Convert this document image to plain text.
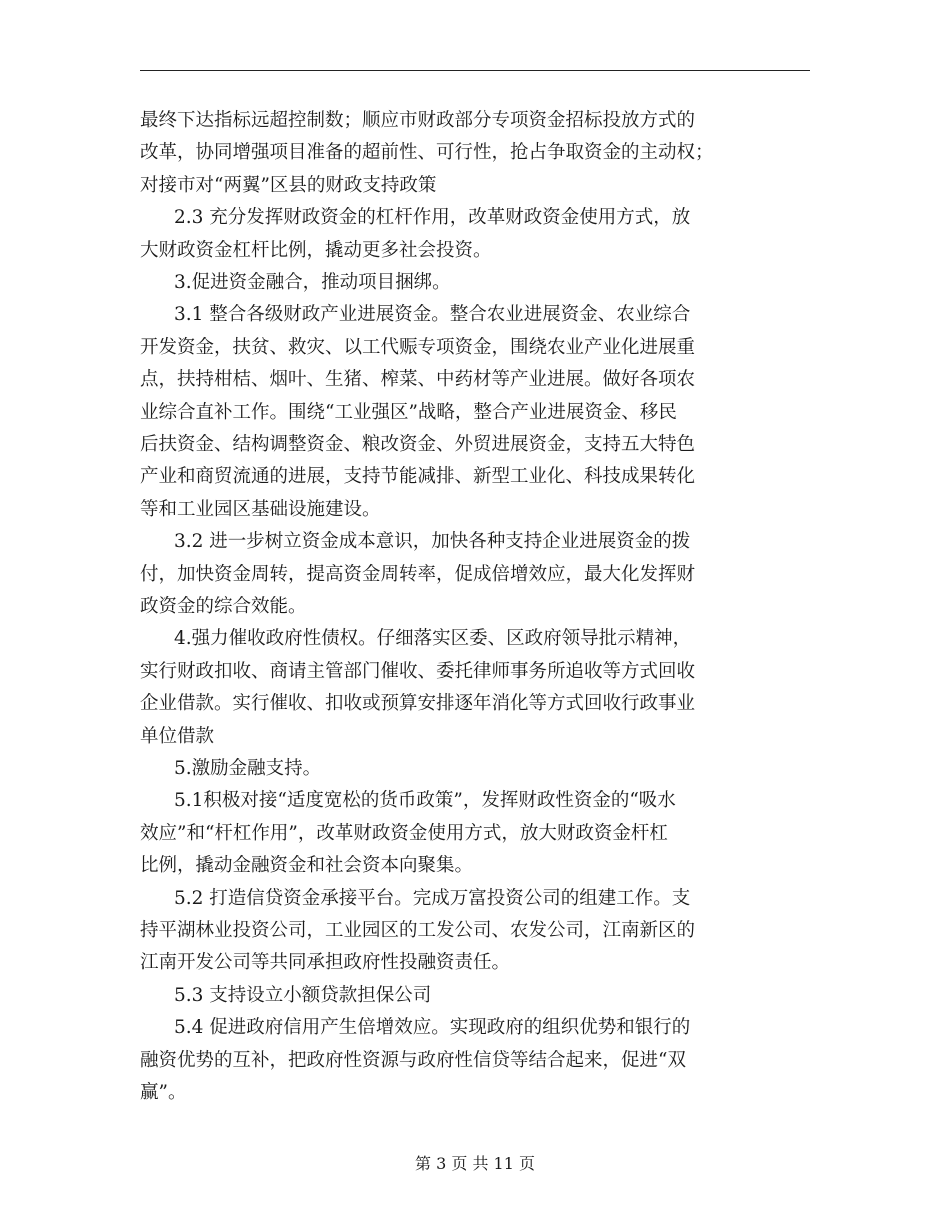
最终下达指标远超控制数；顺应市财政部分专项资金招标投放方式的
改革，协同增强项目准备的超前性、可行性，抢占争取资金的主动权；
对接市对“两翼”区县的财政支持政策
2.3 充分发挥财政资金的杠杆作用，改革财政资金使用方式，放
大财政资金杠杆比例，撬动更多社会投资。
3.促进资金融合，推动项目捆绑。
3.1 整合各级财政产业进展资金。整合农业进展资金、农业综合
开发资金，扶贫、救灾、以工代赈专项资金，围绕农业产业化进展重
点，扶持柑桔、烟叶、生猪、榨菜、中药材等产业进展。做好各项农
业综合直补工作。围绕“工业强区”战略，整合产业进展资金、移民
后扶资金、结构调整资金、粮改资金、外贸进展资金，支持五大特色
产业和商贸流通的进展，支持节能减排、新型工业化、科技成果转化
等和工业园区基础设施建设。
3.2 进一步树立资金成本意识，加快各种支持企业进展资金的拨
付，加快资金周转，提高资金周转率，促成倍增效应，最大化发挥财
政资金的综合效能。
4.强力催收政府性债权。仔细落实区委、区政府领导批示精神，
实行财政扣收、商请主管部门催收、委托律师事务所追收等方式回收
企业借款。实行催收、扣收或预算安排逐年消化等方式回收行政事业
单位借款
5.激励金融支持。
5.1积极对接“适度宽松的货币政策”，发挥财政性资金的“吸水
效应”和“杆杠作用”，改革财政资金使用方式，放大财政资金杆杠
比例，撬动金融资金和社会资本向聚集。
5.2 打造信贷资金承接平台。完成万富投资公司的组建工作。支
持平湖林业投资公司，工业园区的工发公司、农发公司，江南新区的
江南开发公司等共同承担政府性投融资责任。
5.3 支持设立小额贷款担保公司
5.4 促进政府信用产生倍增效应。实现政府的组织优势和银行的
融资优势的互补，把政府性资源与政府性信贷等结合起来，促进“双
赢”。
第 3 页 共 11 页
